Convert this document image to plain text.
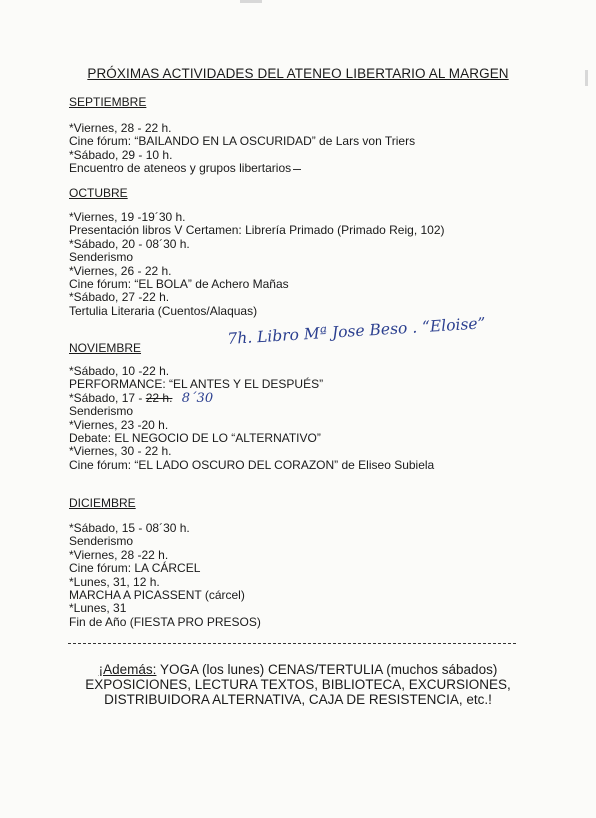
PRÓXIMAS ACTIVIDADES DEL ATENEO LIBERTARIO AL MARGEN
SEPTIEMBRE
*Viernes, 28 - 22 h.
Cine fórum: “BAILANDO EN LA OSCURIDAD” de Lars von Triers
*Sábado, 29 - 10 h.
Encuentro de ateneos y grupos libertarios
OCTUBRE
*Viernes, 19 -19´30 h.
Presentación libros V Certamen: Librería Primado (Primado Reig, 102)
*Sábado, 20 - 08´30 h.
Senderismo
*Viernes, 26 - 22 h.
Cine fórum: “EL BOLA” de Achero Mañas
*Sábado, 27 -22 h.
Tertulia Literaria (Cuentos/Alaquas)
NOVIEMBRE	7h. Libro Mª Jose Beso . “Eloise”
*Sábado, 10 -22 h.
PERFORMANCE: “EL ANTES Y EL DESPUÉS”
*Sábado, 17 - 22 h. 8´30
Senderismo
*Viernes, 23 -20 h.
Debate: EL NEGOCIO DE LO “ALTERNATIVO”
*Viernes, 30 - 22 h.
Cine fórum: “EL LADO OSCURO DEL CORAZON” de Eliseo Subiela
DICIEMBRE
*Sábado, 15 - 08´30 h.
Senderismo
*Viernes, 28 -22 h.
Cine fórum: LA CÁRCEL
*Lunes, 31, 12 h.
MARCHA A PICASSENT (cárcel)
*Lunes, 31
Fin de Año (FIESTA PRO PRESOS)
¡Además: YOGA (los lunes) CENAS/TERTULIA (muchos sábados)
EXPOSICIONES, LECTURA TEXTOS, BIBLIOTECA, EXCURSIONES,
DISTRIBUIDORA ALTERNATIVA, CAJA DE RESISTENCIA, etc.!
